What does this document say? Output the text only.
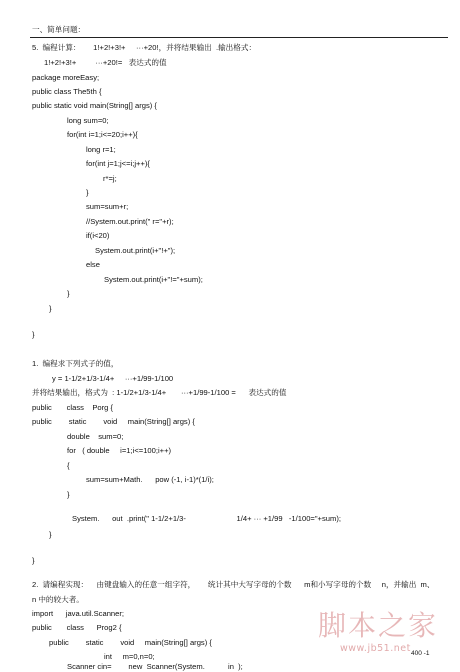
一、简单问题：
5.  编程计算：      1!+2!+3!+     ···+20!，并将结果输出  .输出格式：
1!+2!+3!+         ···+20!=   表达式的值
package moreEasy;
public class The5th {
public static void main(String[] args) {
long sum=0;
for(int i=1;i<=20;i++){
long r=1;
for(int j=1;j<=i;j++){
r*=j;
}
sum=sum+r;
//System.out.print(" r="+r);
if(i<20)
System.out.print(i+"!+");
else
System.out.print(i+"!="+sum);
}
}
}
1.  编程求下列式子的值，
y = 1-1/2+1/3-1/4+     ···+1/99-1/100
并将结果输出，格式为  : 1-1/2+1/3-1/4+       ···+1/99-1/100 =      表达式的值
public       class    Porg {
public        static        void     main(String[] args) {
double    sum=0;
for   ( double     i=1;i<=100;i++)
{
sum=sum+Math.      pow (-1, i-1)*(1/i);
}
System.      out  .print(" 1-1/2+1/3-                        1/4+ ··· +1/99   -1/100="+sum);
}
}
2.  请编程实现：    由键盘输入的任意一组字符，      统计其中大写字母的个数      m和小写字母的个数     n，并输出  m、
n 中的较大者。
import      java.util.Scanner;
public       class      Prog2 {
public        static        void     main(String[] args) {
int     m=0,n=0;
Scanner cin=        new  Scanner(System.           in  );
400 -1
脚本之家
www.jb51.net
